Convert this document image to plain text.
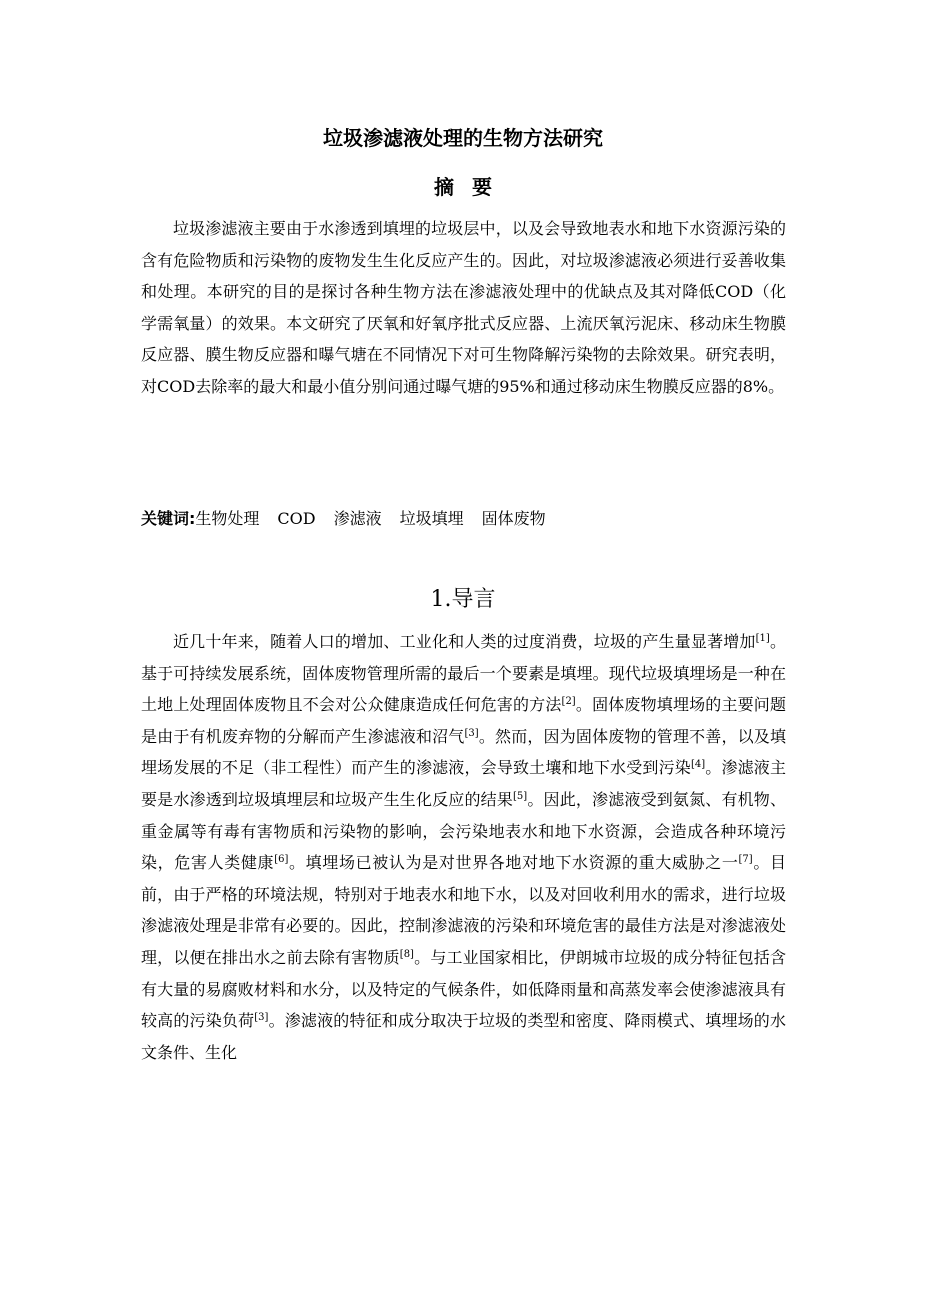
垃圾渗滤液处理的生物方法研究
摘要

垃圾渗滤液主要由于水渗透到填埋的垃圾层中，以及会导致地表水和地下水资源污染的含有危险物质和污染物的废物发生生化反应产生的。因此，对垃圾渗滤液必须进行妥善收集和处理。本研究的目的是探讨各种生物方法在渗滤液处理中的优缺点及其对降低COD（化学需氧量）的效果。本文研究了厌氧和好氧序批式反应器、上流厌氧污泥床、移动床生物膜反应器、膜生物反应器和曝气塘在不同情况下对可生物降解污染物的去除效果。研究表明，对COD去除率的最大和最小值分别问通过曝气塘的95%和通过移动床生物膜反应器的8%。

关键词:生物处理 COD 渗滤液 垃圾填埋 固体废物
1.导言

近几十年来，随着人口的增加、工业化和人类的过度消费，垃圾的产生量显著增加[1]。基于可持续发展系统，固体废物管理所需的最后一个要素是填埋。现代垃圾填埋场是一种在土地上处理固体废物且不会对公众健康造成任何危害的方法[2]。固体废物填埋场的主要问题是由于有机废弃物的分解而产生渗滤液和沼气[3]。然而，因为固体废物的管理不善，以及填埋场发展的不足（非工程性）而产生的渗滤液，会导致土壤和地下水受到污染[4]。渗滤液主要是水渗透到垃圾填埋层和垃圾产生生化反应的结果[5]。因此，渗滤液受到氨氮、有机物、重金属等有毒有害物质和污染物的影响，会污染地表水和地下水资源，会造成各种环境污染，危害人类健康[6]。填埋场已被认为是对世界各地对地下水资源的重大威胁之一[7]。目前，由于严格的环境法规，特别对于地表水和地下水，以及对回收利用水的需求，进行垃圾渗滤液处理是非常有必要的。因此，控制渗滤液的污染和环境危害的最佳方法是对渗滤液处理，以便在排出水之前去除有害物质[8]。与工业国家相比，伊朗城市垃圾的成分特征包括含有大量的易腐败材料和水分，以及特定的气候条件，如低降雨量和高蒸发率会使渗滤液具有较高的污染负荷[3]。渗滤液的特征和成分取决于垃圾的类型和密度、降雨模式、填埋场的水文条件、生化
